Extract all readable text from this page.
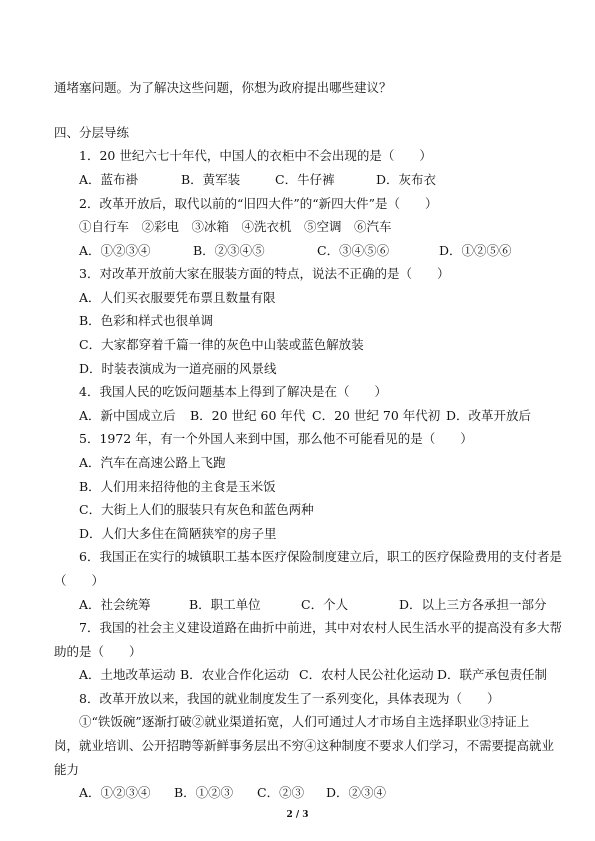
通堵塞问题。为了解决这些问题，你想为政府提出哪些建议？
四、分层导练
1．20 世纪六七十年代，中国人的衣柜中不会出现的是（　　）
A．蓝布褂	B．黄军装	C．牛仔裤	D．灰布衣
2．改革开放后，取代以前的“旧四大件”的“新四大件”是（　　）
①自行车　②彩电　③冰箱　④洗衣机　⑤空调　⑥汽车
A．①②③④	B．②③④⑤	C．③④⑤⑥	D．①②⑤⑥
3．对改革开放前大家在服装方面的特点，说法不正确的是（　　）
A．人们买衣服要凭布票且数量有限
B．色彩和样式也很单调
C．大家都穿着千篇一律的灰色中山装或蓝色解放装
D．时装表演成为一道亮丽的风景线
4．我国人民的吃饭问题基本上得到了解决是在（　　）
A．新中国成立后 B．20 世纪 60 年代 C．20 世纪 70 年代初 D．改革开放后
5．1972 年，有一个外国人来到中国，那么他不可能看见的是（　　）
A．汽车在高速公路上飞跑
B．人们用来招待他的主食是玉米饭
C．大街上人们的服装只有灰色和蓝色两种
D．人们大多住在简陋狭窄的房子里
6．我国正在实行的城镇职工基本医疗保险制度建立后，职工的医疗保险费用的支付者是
（　　）
A．社会统筹	B．职工单位	C．个人	D．以上三方各承担一部分
7．我国的社会主义建设道路在曲折中前进，其中对农村人民生活水平的提高没有多大帮
助的是（　　）
A．土地改革运动 B．农业合作化运动 C．农村人民公社化运动 D．联产承包责任制
8．改革开放以来，我国的就业制度发生了一系列变化，具体表现为（　　）
①“铁饭碗”逐渐打破②就业渠道拓宽，人们可通过人才市场自主选择职业③持证上
岗，就业培训、公开招聘等新鲜事务层出不穷④这种制度不要求人们学习，不需要提高就业
能力
A．①②③④ B．①②③ C．②③ D．②③④
2 / 3
